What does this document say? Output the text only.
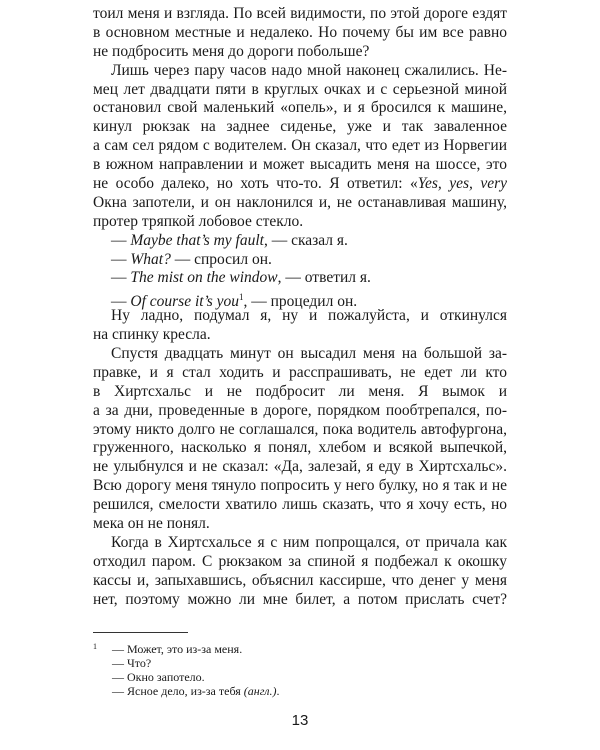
тоил меня и взгляда. По всей видимости, по этой дороге ездят
в основном местные и недалеко. Но почему бы им все равно
не подбросить меня до дороги побольше?
Лишь через пару часов надо мной наконец сжалились. Не-
мец лет двадцати пяти в круглых очках и с серьезной миной
остановил свой маленький «опель», и я бросился к машине,
кинул рюкзак на заднее сиденье, уже и так заваленное
а сам сел рядом с водителем. Он сказал, что едет из Норвегии
в южном направлении и может высадить меня на шоссе, это
не особо далеко, но хоть что-то. Я ответил: «Yes, yes, very
Окна запотели, и он наклонился и, не останавливая машину,
протер тряпкой лобовое стекло.
— Maybe that’s my fault, — сказал я.
— What? — спросил он.
— The mist on the window, — ответил я.
— Of course it’s you$^1$, — процедил он.
Ну ладно, подумал я, ну и пожалуйста, и откинулся
на спинку кресла.
Спустя двадцать минут он высадил меня на большой за-
правке, и я стал ходить и расспрашивать, не едет ли кто
в Хиртсхальс и не подбросит ли меня. Я вымок и
а за дни, проведенные в дороге, порядком пообтрепался, по-
этому никто долго не соглашался, пока водитель автофургона,
груженного, насколько я понял, хлебом и всякой выпечкой,
не улыбнулся и не сказал: «Да, залезай, я еду в Хиртсхальс».
Всю дорогу меня тянуло попросить у него булку, но я так и не
решился, смелости хватило лишь сказать, что я хочу есть, но
мека он не понял.
Когда в Хиртсхальсе я с ним попрощался, от причала как
отходил паром. С рюкзаком за спиной я подбежал к окошку
кассы и, запыхавшись, объяснил кассирше, что денег у меня
нет, поэтому можно ли мне билет, а потом прислать счет?
1	— Может, это из-за меня.
— Что?
— Окно запотело.
— Ясное дело, из-за тебя (англ.).
13
